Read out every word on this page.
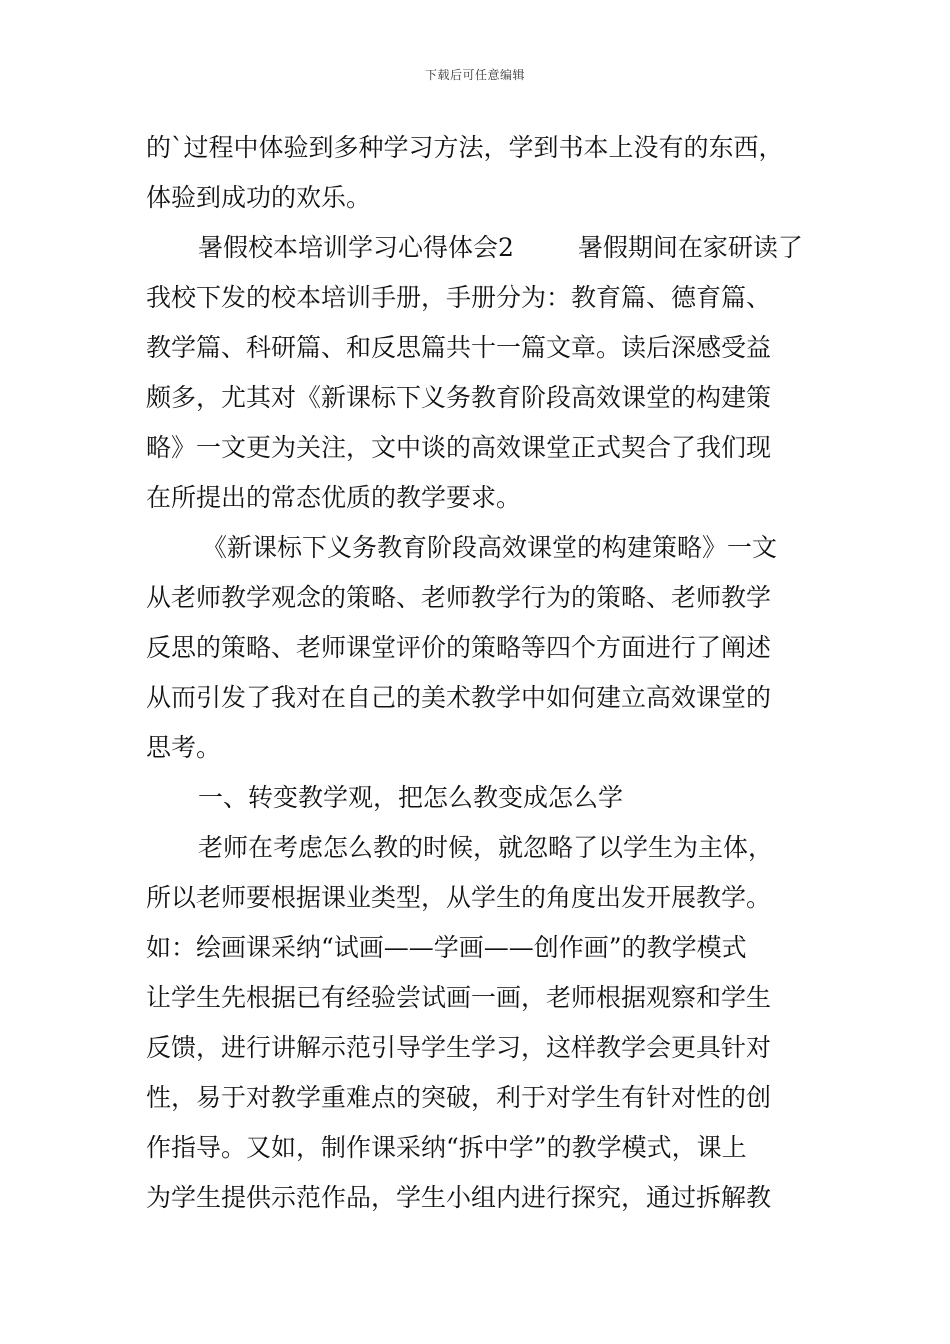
下载后可任意编辑
的`过程中体验到多种学习方法，学到书本上没有的东西，
体验到成功的欢乐。
暑假校本培训学习心得体会2	暑假期间在家研读了
我校下发的校本培训手册，手册分为：教育篇、德育篇、
教学篇、科研篇、和反思篇共十一篇文章。读后深感受益
颇多，尤其对《新课标下义务教育阶段高效课堂的构建策
略》一文更为关注，文中谈的高效课堂正式契合了我们现
在所提出的常态优质的教学要求。
《新课标下义务教育阶段高效课堂的构建策略》一文
从老师教学观念的策略、老师教学行为的策略、老师教学
反思的策略、老师课堂评价的策略等四个方面进行了阐述
从而引发了我对在自己的美术教学中如何建立高效课堂的
思考。
一、转变教学观，把怎么教变成怎么学
老师在考虑怎么教的时候，就忽略了以学生为主体，
所以老师要根据课业类型，从学生的角度出发开展教学。
如：绘画课采纳“试画——学画——创作画”的教学模式
让学生先根据已有经验尝试画一画，老师根据观察和学生
反馈，进行讲解示范引导学生学习，这样教学会更具针对
性，易于对教学重难点的突破，利于对学生有针对性的创
作指导。又如，制作课采纳“拆中学”的教学模式，课上
为学生提供示范作品，学生小组内进行探究，通过拆解教
